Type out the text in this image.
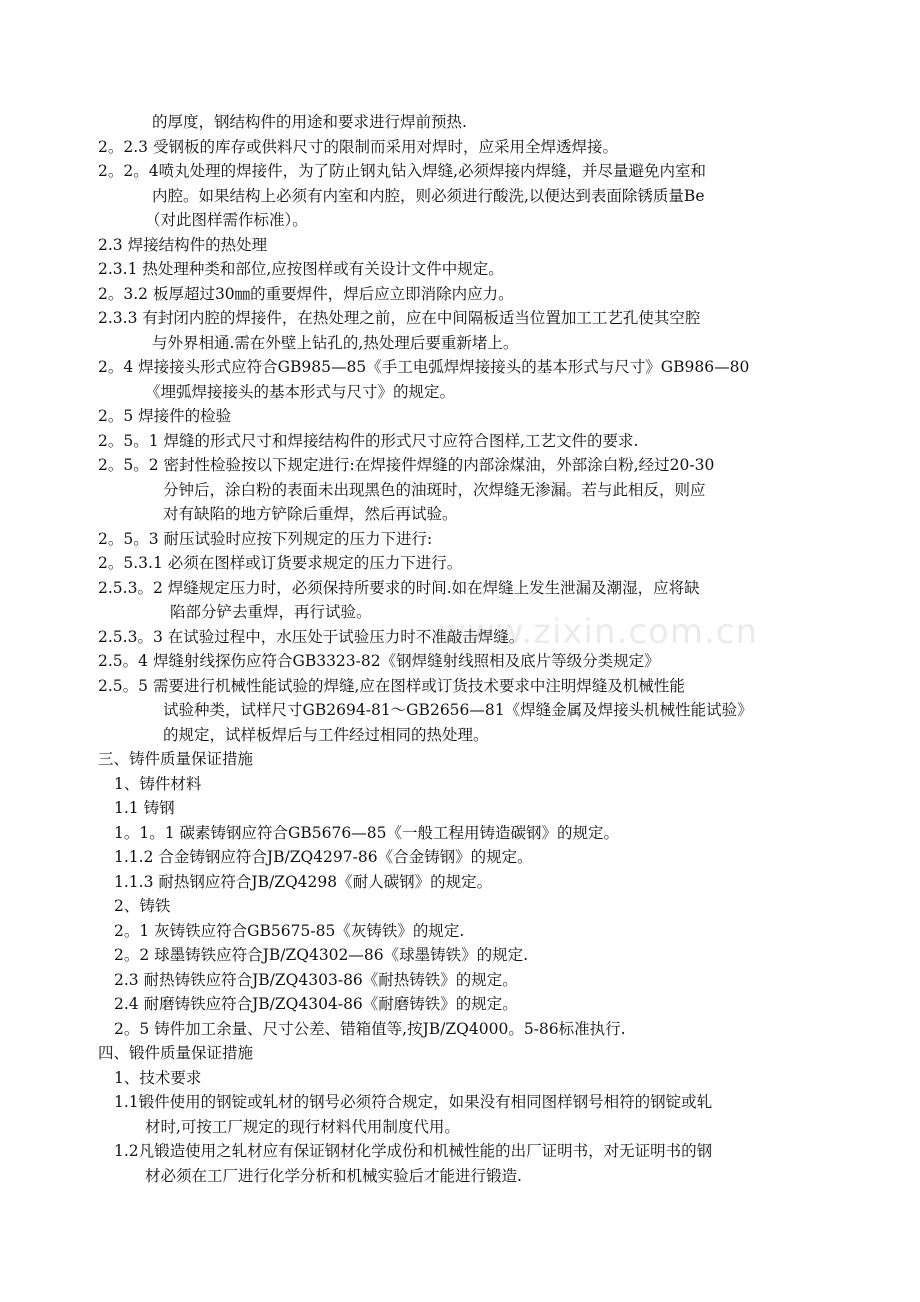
www.zixin.com.cn
的厚度，钢结构件的用途和要求进行焊前预热.
2。2.3 受钢板的库存或供料尺寸的限制而采用对焊时，应采用全焊透焊接。
2。2。4喷丸处理的焊接件，为了防止钢丸钻入焊缝,必须焊接内焊缝，并尽量避免内室和
内腔。如果结构上必须有内室和内腔，则必须进行酸洗,以便达到表面除锈质量Be
（对此图样需作标准）。
2.3 焊接结构件的热处理
2.3.1 热处理种类和部位,应按图样或有关设计文件中规定。
2。3.2 板厚超过30㎜的重要焊件，焊后应立即消除内应力。
2.3.3 有封闭内腔的焊接件，在热处理之前，应在中间隔板适当位置加工工艺孔使其空腔
与外界相通.需在外壁上钻孔的,热处理后要重新堵上。
2。4 焊接接头形式应符合GB985—85《手工电弧焊焊接接头的基本形式与尺寸》GB986—80
《埋弧焊接接头的基本形式与尺寸》的规定。
2。5 焊接件的检验
2。5。1 焊缝的形式尺寸和焊接结构件的形式尺寸应符合图样,工艺文件的要求.
2。5。2 密封性检验按以下规定进行:在焊接件焊缝的内部涂煤油，外部涂白粉,经过20-30
分钟后，涂白粉的表面未出现黑色的油斑时，次焊缝无渗漏。若与此相反，则应
对有缺陷的地方铲除后重焊，然后再试验。
2。5。3 耐压试验时应按下列规定的压力下进行:
2。5.3.1 必须在图样或订货要求规定的压力下进行。
2.5.3。2 焊缝规定压力时，必须保持所要求的时间.如在焊缝上发生泄漏及潮湿，应将缺
陷部分铲去重焊，再行试验。
2.5.3。3 在试验过程中，水压处于试验压力时不准敲击焊缝。
2.5。4 焊缝射线探伤应符合GB3323-82《钢焊缝射线照相及底片等级分类规定》
2.5。5 需要进行机械性能试验的焊缝,应在图样或订货技术要求中注明焊缝及机械性能
试验种类，试样尺寸GB2694-81～GB2656—81《焊缝金属及焊接头机械性能试验》
的规定，试样板焊后与工件经过相同的热处理。
三、铸件质量保证措施
1、铸件材料
1.1 铸钢
1。1。1 碳素铸钢应符合GB5676—85《一般工程用铸造碳钢》的规定。
1.1.2 合金铸钢应符合JB/ZQ4297-86《合金铸钢》的规定。
1.1.3 耐热钢应符合JB/ZQ4298《耐人碳钢》的规定。
2、铸铁
2。1 灰铸铁应符合GB5675-85《灰铸铁》的规定.
2。2 球墨铸铁应符合JB/ZQ4302—86《球墨铸铁》的规定.
2.3 耐热铸铁应符合JB/ZQ4303-86《耐热铸铁》的规定。
2.4 耐磨铸铁应符合JB/ZQ4304-86《耐磨铸铁》的规定。
2。5 铸件加工余量、尺寸公差、错箱值等,按JB/ZQ4000。5-86标准执行.
四、锻件质量保证措施
1、技术要求
1.1锻件使用的钢锭或轧材的钢号必须符合规定，如果没有相同图样钢号相符的钢锭或轧
材时,可按工厂规定的现行材料代用制度代用。
1.2凡锻造使用之轧材应有保证钢材化学成份和机械性能的出厂证明书，对无证明书的钢
材必须在工厂进行化学分析和机械实验后才能进行锻造.
